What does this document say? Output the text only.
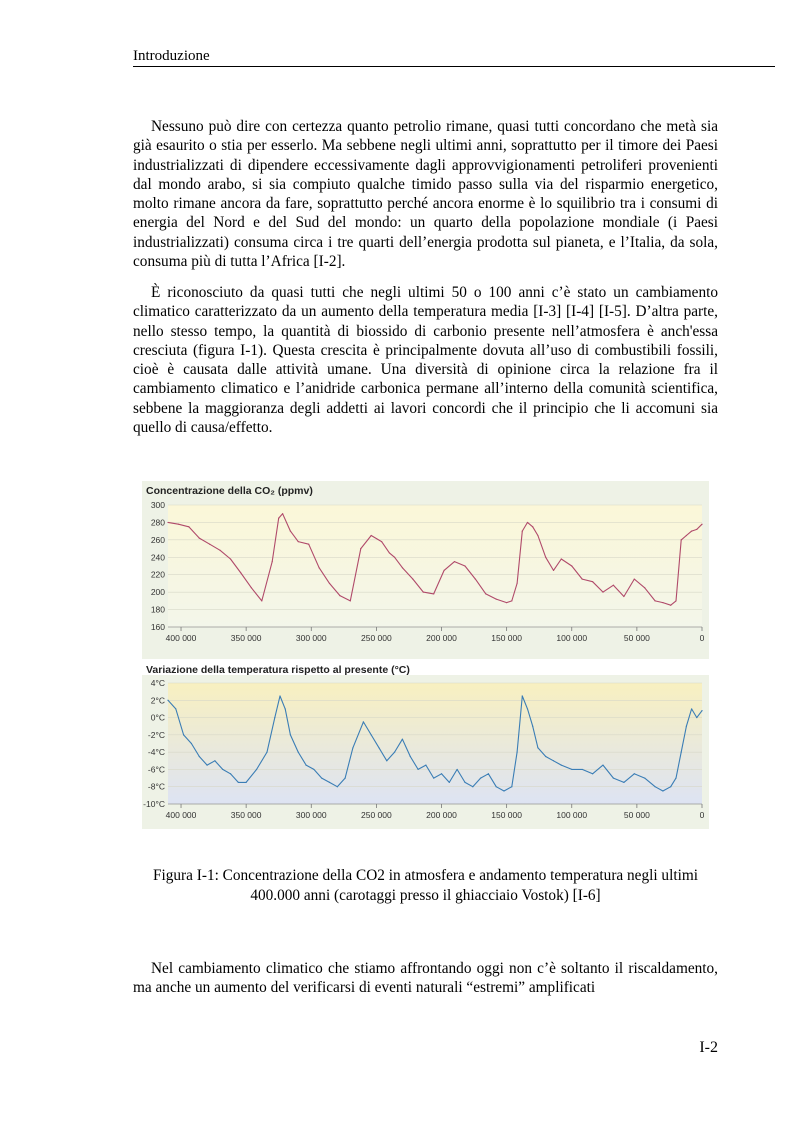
Introduzione

Nessuno può dire con certezza quanto petrolio rimane, quasi tutti concordano che metà sia già esaurito o stia per esserlo. Ma sebbene negli ultimi anni, soprattutto per il timore dei Paesi industrializzati di dipendere eccessivamente dagli approvvigionamenti petroliferi provenienti dal mondo arabo, si sia compiuto qualche timido passo sulla via del risparmio energetico, molto rimane ancora da fare, soprattutto perché ancora enorme è lo squilibrio tra i consumi di energia del Nord e del Sud del mondo: un quarto della popolazione mondiale (i Paesi industrializzati) consuma circa i tre quarti dell’energia prodotta sul pianeta, e l’Italia, da sola, consuma più di tutta l’Africa [I-2].

È riconosciuto da quasi tutti che negli ultimi 50 o 100 anni c’è stato un cambiamento climatico caratterizzato da un aumento della temperatura media [I-3] [I-4] [I-5]. D’altra parte, nello stesso tempo, la quantità di biossido di carbonio presente nell’atmosfera è anch'essa cresciuta (figura I-1). Questa crescita è principalmente dovuta all’uso di combustibili fossili, cioè è causata dalle attività umane. Una diversità di opinione circa la relazione fra il cambiamento climatico e l’anidride carbonica permane all’interno della comunità scientifica, sebbene la maggioranza degli addetti ai lavori concordi che il principio che li accomuni sia quello di causa/effetto.

Concentrazione della CO₂ (ppmv)
Variazione della temperatura rispetto al presente (°C)
300
280
260
240
220
200
180
160
400 000	350 000	300 000	250 000	200 000	150 000	100 000	50 000	0
4°C
2°C
0°C
-2°C
-4°C
-6°C
-8°C
-10°C
400 000	350 000	300 000	250 000	200 000	150 000	100 000	50 000	0
Figura I-1: Concentrazione della CO2 in atmosfera e andamento temperatura negli ultimi
400.000 anni (carotaggi presso il ghiacciaio Vostok) [I-6]

Nel cambiamento climatico che stiamo affrontando oggi non c’è soltanto il riscaldamento, ma anche un aumento del verificarsi di eventi naturali “estremi” amplificati

I-2
